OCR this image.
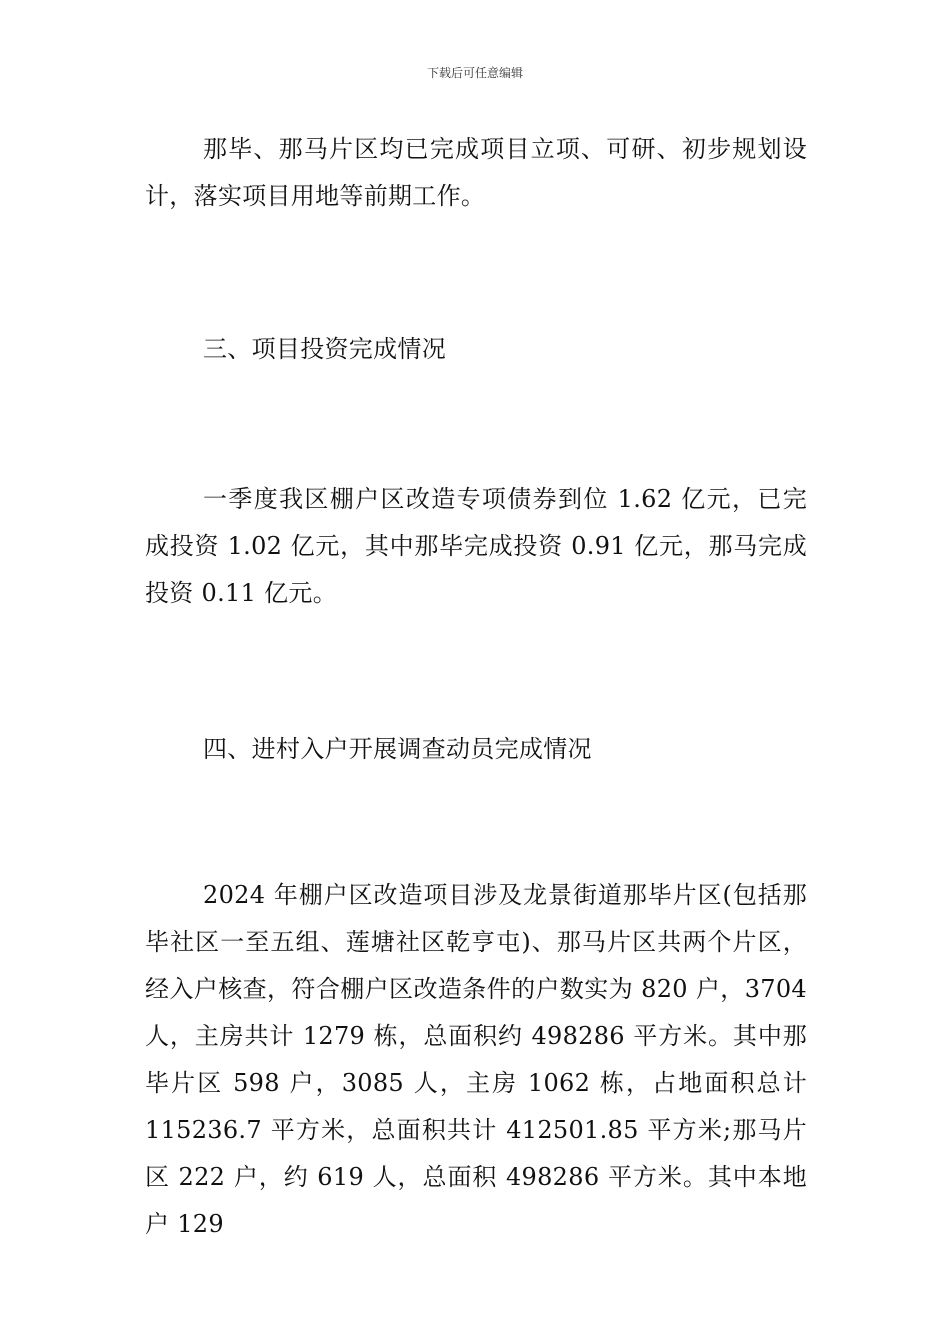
下载后可任意编辑

那毕、那马片区均已完成项目立项、可研、初步规划设计，落实项目用地等前期工作。

三、项目投资完成情况

一季度我区棚户区改造专项债券到位 1.62 亿元，已完成投资 1.02 亿元，其中那毕完成投资 0.91 亿元，那马完成投资 0.11 亿元。

四、进村入户开展调查动员完成情况

2024 年棚户区改造项目涉及龙景街道那毕片区(包括那毕社区一至五组、莲塘社区乾亨屯)、那马片区共两个片区，经入户核查，符合棚户区改造条件的户数实为 820 户，3704 人，主房共计 1279 栋，总面积约 498286 平方米。其中那毕片区 598 户，3085 人，主房 1062 栋，占地面积总计 115236.7 平方米，总面积共计 412501.85 平方米;那马片区 222 户，约 619 人，总面积 498286 平方米。其中本地户 129
